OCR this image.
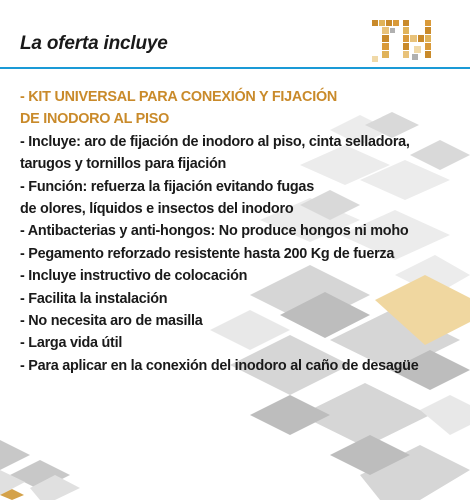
La oferta incluye
- KIT UNIVERSAL PARA CONEXIÓN Y FIJACIÓN
DE INODORO AL PISO
- Incluye: aro de fijación de inodoro al piso, cinta selladora,
tarugos y tornillos para fijación
- Función: refuerza la fijación evitando fugas
de olores, líquidos e insectos del inodoro
- Antibacterias y anti-hongos: No produce hongos ni moho
- Pegamento reforzado resistente hasta 200 Kg de fuerza
- Incluye instructivo de colocación
- Facilita la instalación
- No necesita aro de masilla
- Larga vida útil
- Para aplicar en la conexión del inodoro al caño de desagüe
